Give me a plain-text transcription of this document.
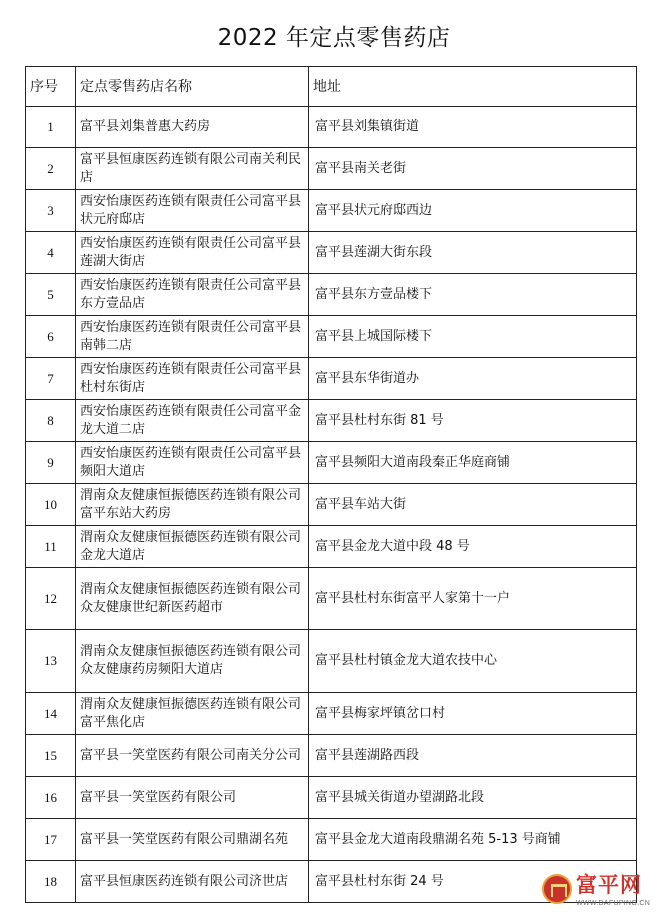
2022 年定点零售药店
序号	定点零售药店名称	地址
1	富平县刘集普惠大药房	富平县刘集镇街道
2	富平县恒康医药连锁有限公司南关利民店	富平县南关老街
3	西安怡康医药连锁有限责任公司富平县状元府邸店	富平县状元府邸西边
4	西安怡康医药连锁有限责任公司富平县莲湖大街店	富平县莲湖大街东段
5	西安怡康医药连锁有限责任公司富平县东方壹品店	富平县东方壹品楼下
6	西安怡康医药连锁有限责任公司富平县南韩二店	富平县上城国际楼下
7	西安怡康医药连锁有限责任公司富平县杜村东街店	富平县东华街道办
8	西安怡康医药连锁有限责任公司富平金龙大道二店	富平县杜村东街 81 号
9	西安怡康医药连锁有限责任公司富平县频阳大道店	富平县频阳大道南段秦正华庭商铺
10	渭南众友健康恒振德医药连锁有限公司富平东站大药房	富平县车站大街
11	渭南众友健康恒振德医药连锁有限公司金龙大道店	富平县金龙大道中段 48 号
12	渭南众友健康恒振德医药连锁有限公司众友健康世纪新医药超市	富平县杜村东街富平人家第十一户
13	渭南众友健康恒振德医药连锁有限公司众友健康药房频阳大道店	富平县杜村镇金龙大道农技中心
14	渭南众友健康恒振德医药连锁有限公司富平焦化店	富平县梅家坪镇岔口村
15	富平县一笑堂医药有限公司南关分公司	富平县莲湖路西段
16	富平县一笑堂医药有限公司	富平县城关街道办望湖路北段
17	富平县一笑堂医药有限公司鼎湖名苑	富平县金龙大道南段鼎湖名苑 5-13 号商铺
18	富平县恒康医药连锁有限公司济世店	富平县杜村东街 24 号	富平网
WWW.DAFUPING.CN
